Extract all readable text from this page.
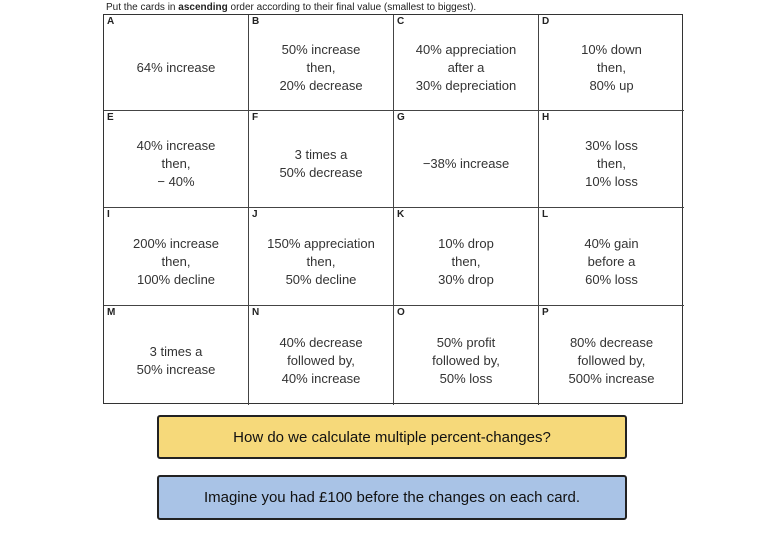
Put the cards in ascending order according to their final value (smallest to biggest).
A
64% increase
B
50% increase
then,
20% decrease
C
40% appreciation
after a
30% depreciation
D
10% down
then,
80% up
E
40% increase
then,
− 40%
F
3 times a
50% decrease
G
−38% increase
H
30% loss
then,
10% loss
I
200% increase
then,
100% decline
J
150% appreciation
then,
50% decline
K
10% drop
then,
30% drop
L
40% gain
before a
60% loss
M
3 times a
50% increase
N
40% decrease
followed by,
40% increase
O
50% profit
followed by,
50% loss
P
80% decrease
followed by,
500% increase
How do we calculate multiple percent-changes?
Imagine you had £100 before the changes on each card.
